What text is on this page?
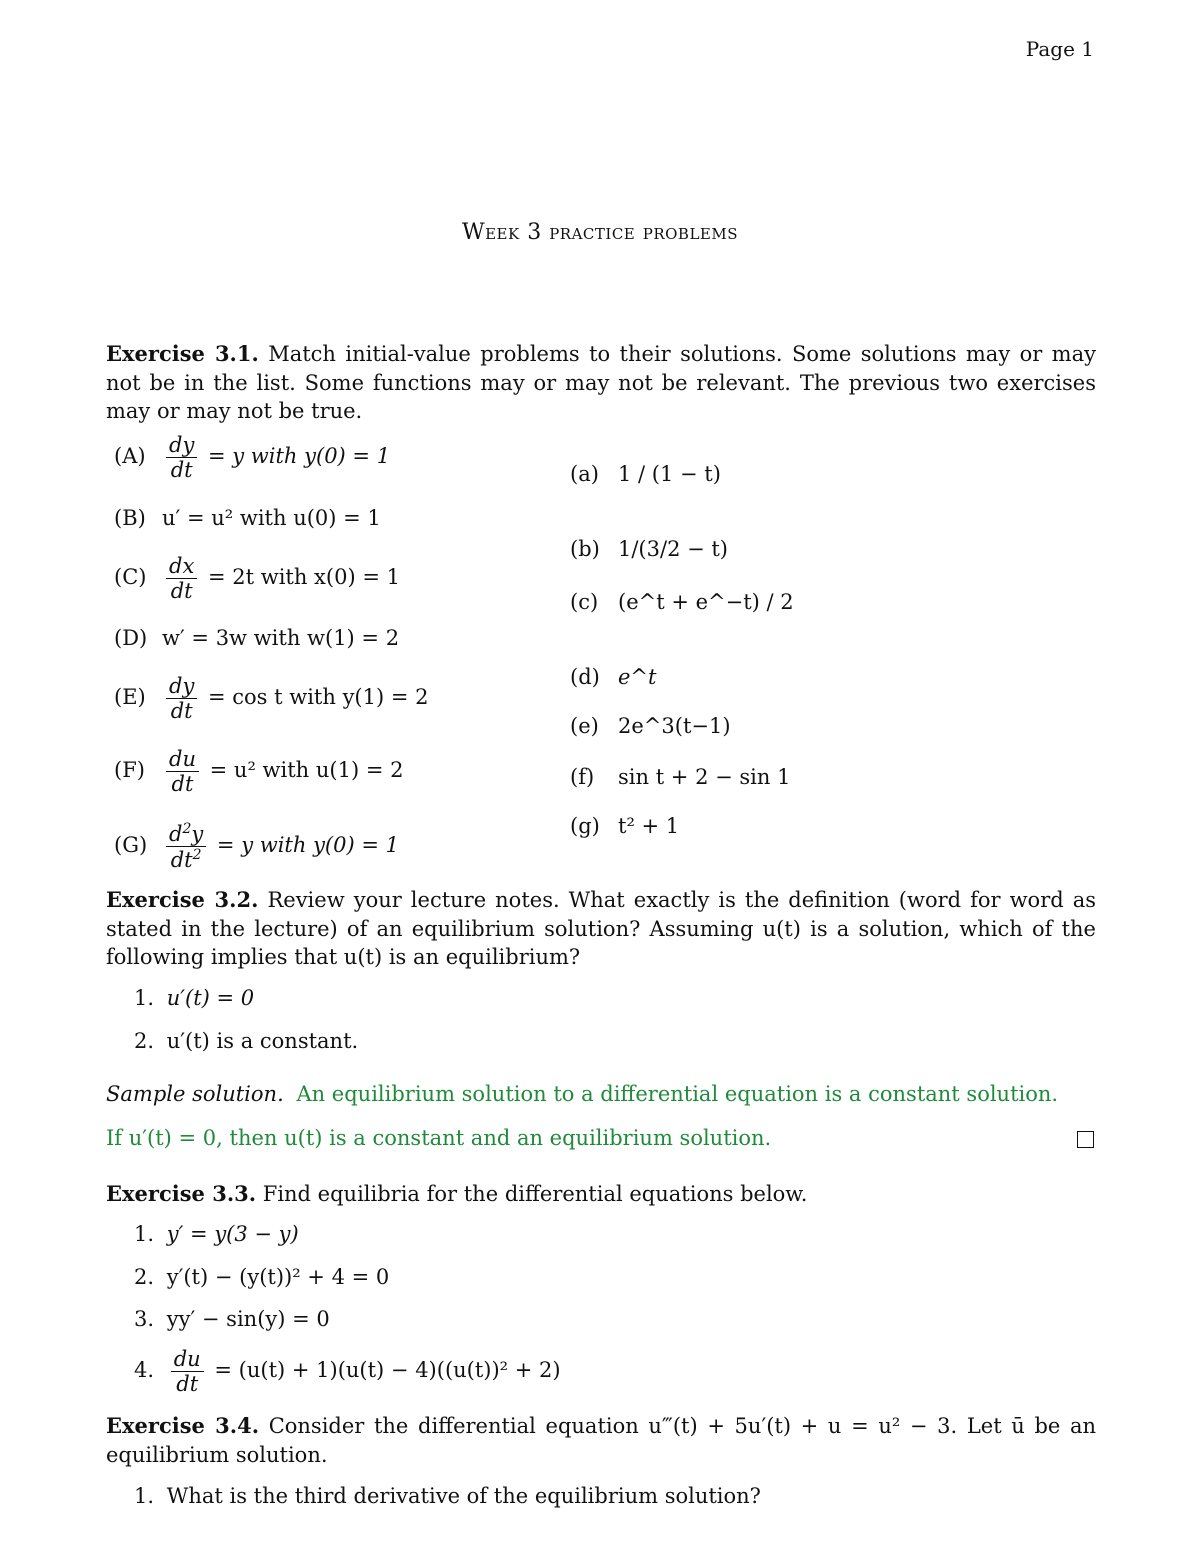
Page 1
Week 3 practice problems
Exercise 3.1. Match initial-value problems to their solutions. Some solutions may or may not be in the list. Some functions may or may not be relevant. The previous two exercises may or may not be true.
$(A) \frac{dy}{dt} = y$ with y(0) = 1
(B) u′ = u² with u(0) = 1
$(C) \frac{dx}{dt} = 2t$ with x(0) = 1
(D) w′ = 3w with w(1) = 2
$(E) \frac{dy}{dt} = \cos t$ with y(1) = 2
$(F) \frac{du}{dt} = u^2$ with u(1) = 2
$(G) \frac{d^2y}{dt^2} = y$ with y(0) = 1
(a) 1 / (1 − t)
(b) 1/(3/2 − t)
(c) (e^t + e^−t) / 2
(d) e^t
(e) 2e^3(t−1)
(f) sin t + 2 − sin 1
(g) t² + 1
Exercise 3.2. Review your lecture notes. What exactly is the definition (word for word as stated in the lecture) of an equilibrium solution? Assuming u(t) is a solution, which of the following implies that u(t) is an equilibrium?
1. u′(t) = 0
2. u′(t) is a constant.
Sample solution. An equilibrium solution to a differential equation is a constant solution.
If u′(t) = 0, then u(t) is a constant and an equilibrium solution.
Exercise 3.3. Find equilibria for the differential equations below.
1. y′ = y(3 − y)
2. y′(t) − (y(t))² + 4 = 0
3. yy′ − sin(y) = 0
4. $\frac{du}{dt} = (u(t) + 1)(u(t) - 4)((u(t))^2 + 2)$
Exercise 3.4. Consider the differential equation u‴(t) + 5u′(t) + u = u² − 3. Let ū be an equilibrium solution.
1. What is the third derivative of the equilibrium solution?
